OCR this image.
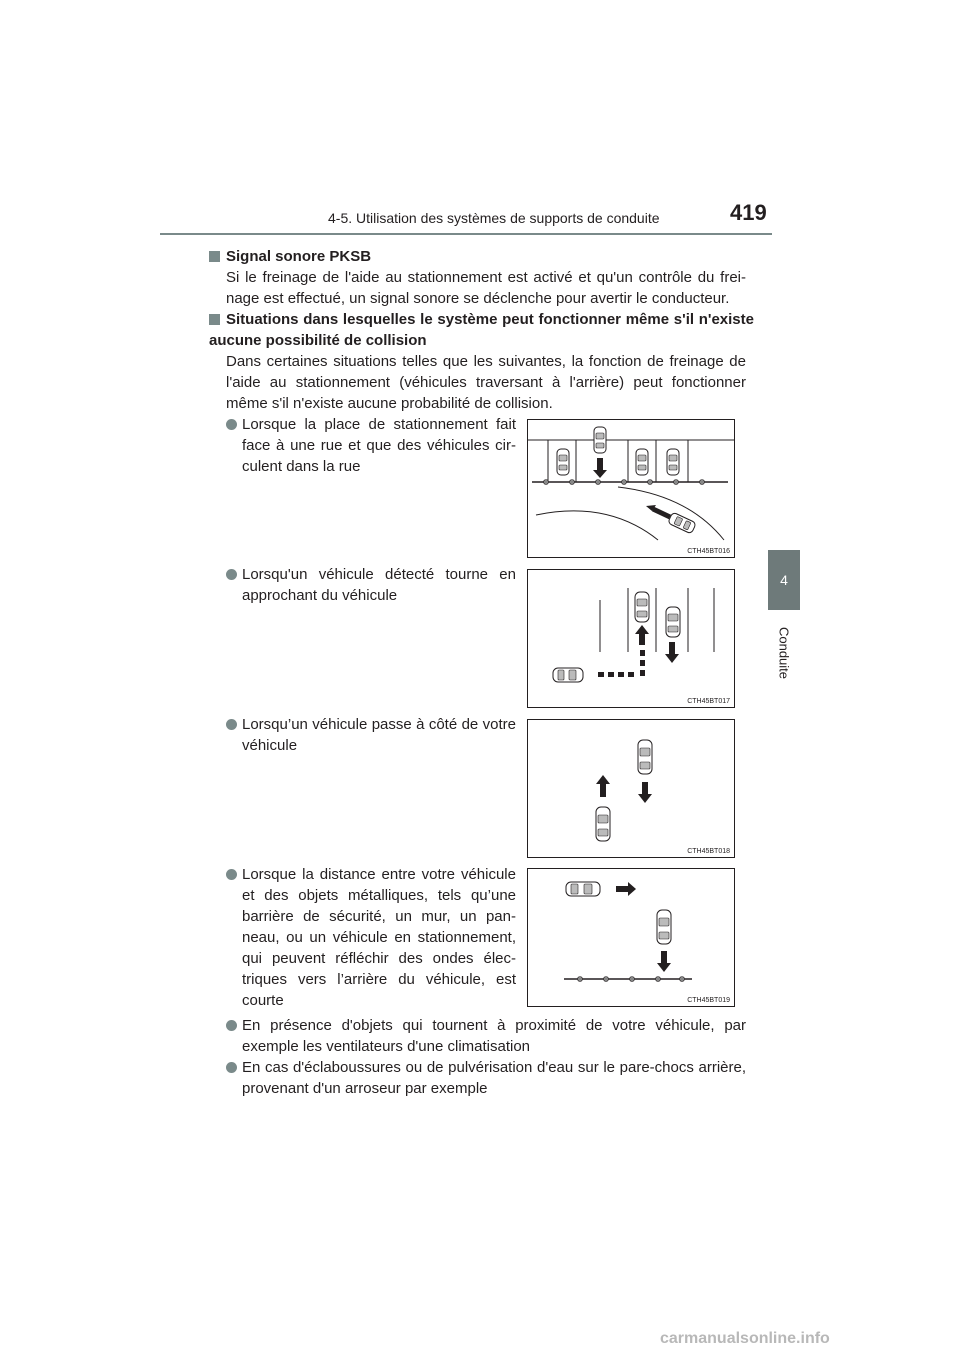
4-5. Utilisation des systèmes de supports de conduite	419
4
Conduite
Signal sonore PKSB
Si le freinage de l'aide au stationnement est activé et qu'un contrôle du frei-nage est effectué, un signal sonore se déclenche pour avertir le conducteur.
Situations dans lesquelles le système peut fonctionner même s'il n'existe aucune possibilité de collision
Dans certaines situations telles que les suivantes, la fonction de freinage de l'aide au stationnement (véhicules traversant à l'arrière) peut fonctionner même s'il n'existe aucune probabilité de collision.
Lorsque la place de stationnement fait face à une rue et que des véhicules cir-culent dans la rue
Lorsqu'un véhicule détecté tourne en approchant du véhicule
Lorsqu’un véhicule passe à côté de votre véhicule
Lorsque la distance entre votre véhicule et des objets métalliques, tels qu’une barrière de sécurité, un mur, un pan-neau, ou un véhicule en stationnement, qui peuvent réfléchir des ondes élec-triques vers l’arrière du véhicule, est courte
En présence d'objets qui tournent à proximité de votre véhicule, par exemple les ventilateurs d'une climatisation
En cas d'éclaboussures ou de pulvérisation d'eau sur le pare-chocs arrière, provenant d'un arroseur par exemple
CTH45BT016
CTH45BT017
CTH45BT018
CTH45BT019
carmanualsonline.info
